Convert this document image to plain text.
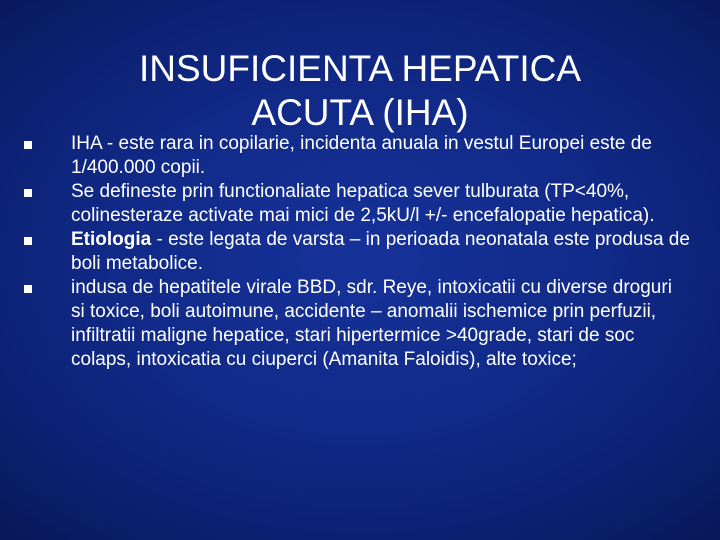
INSUFICIENTA HEPATICA
ACUTA (IHA)
IHA - este rara in copilarie, incidenta anuala in vestul Europei este de 1/400.000 copii.
Se defineste prin functionaliate hepatica sever tulburata (TP<40%, colinesteraze activate mai mici de 2,5kU/l +/- encefalopatie hepatica).
Etiologia - este legata de varsta – in perioada neonatala este produsa de boli metabolice.
indusa de hepatitele virale BBD, sdr. Reye, intoxicatii cu diverse droguri si toxice, boli autoimune, accidente – anomalii ischemice prin perfuzii, infiltratii maligne hepatice, stari hipertermice >40grade, stari de soc colaps, intoxicatia cu ciuperci (Amanita Faloidis), alte toxice;
